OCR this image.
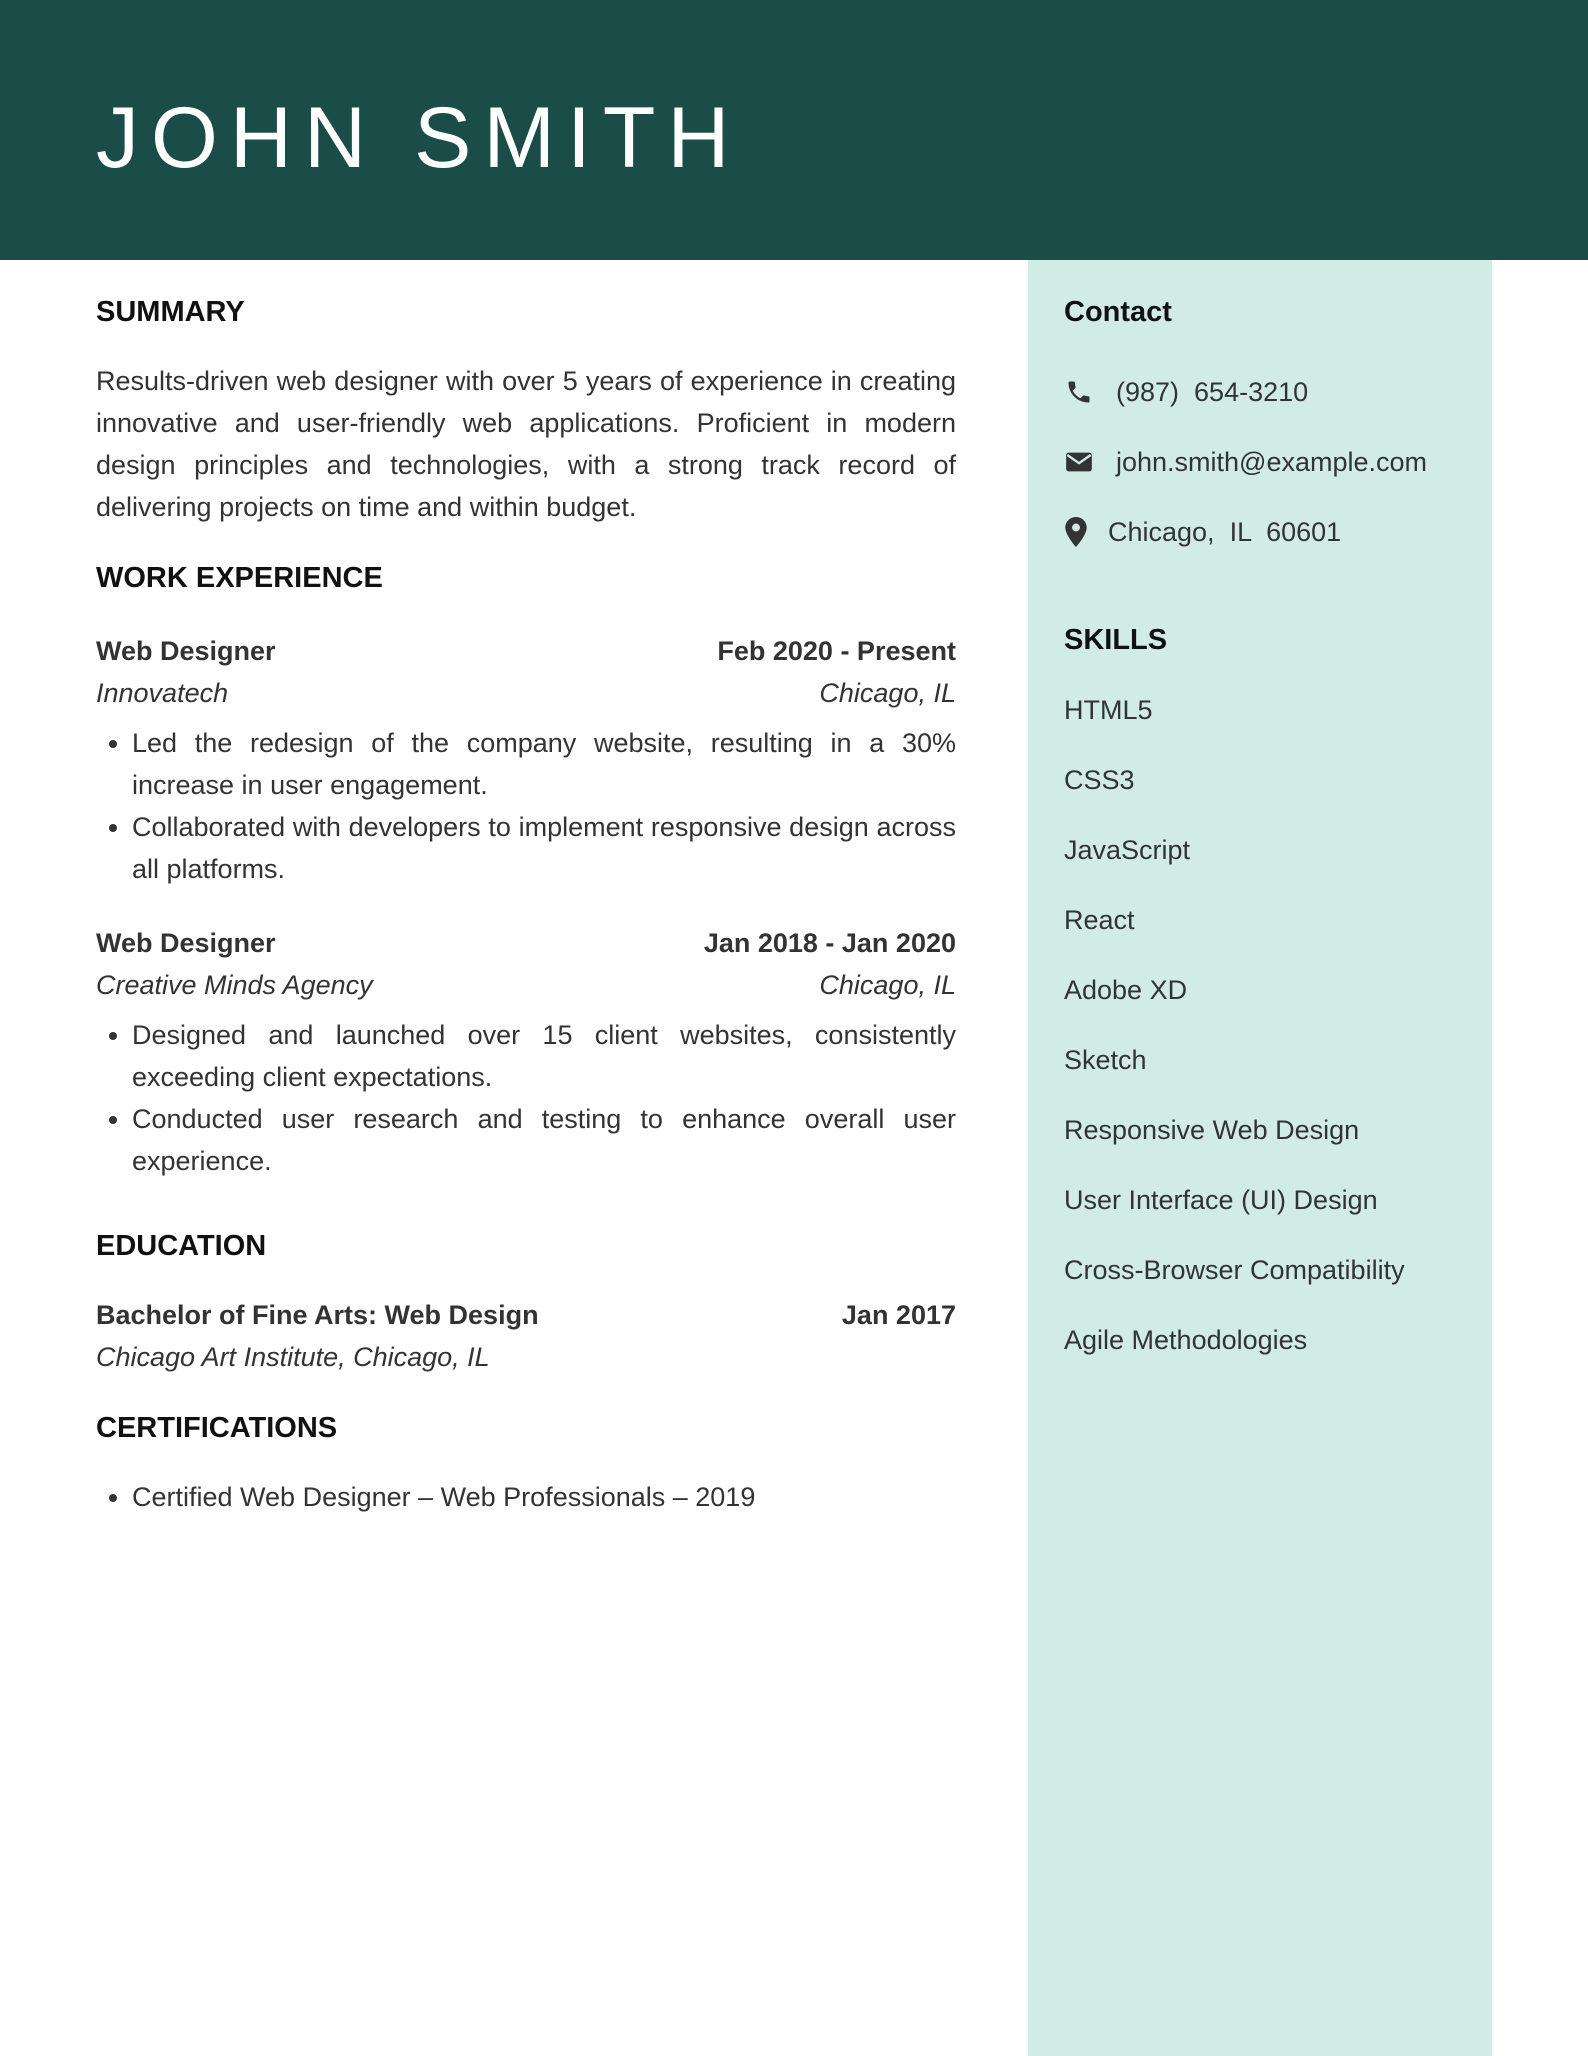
JOHN SMITH
SUMMARY

Results-driven web designer with over 5 years of experience in creating innovative and user-friendly web applications. Proficient in modern design principles and technologies, with a strong track record of delivering projects on time and within budget.

WORK EXPERIENCE
Web Designer	Feb 2020 - Present
Innovatech	Chicago, IL
• Led the redesign of the company website, resulting in a 30% increase in user engagement.
• Collaborated with developers to implement responsive design across all platforms.
Web Designer	Jan 2018 - Jan 2020
Creative Minds Agency	Chicago, IL
• Designed and launched over 15 client websites, consistently exceeding client expectations.
• Conducted user research and testing to enhance overall user experience.
EDUCATION
Bachelor of Fine Arts: Web Design	Jan 2017
Chicago Art Institute, Chicago, IL
CERTIFICATIONS
• Certified Web Designer – Web Professionals – 2019
Contact
(987)  654-3210
john.smith@example.com
Chicago,  IL  60601
SKILLS
HTML5
CSS3
JavaScript
React
Adobe XD
Sketch
Responsive Web Design
User Interface (UI) Design
Cross-Browser Compatibility
Agile Methodologies
